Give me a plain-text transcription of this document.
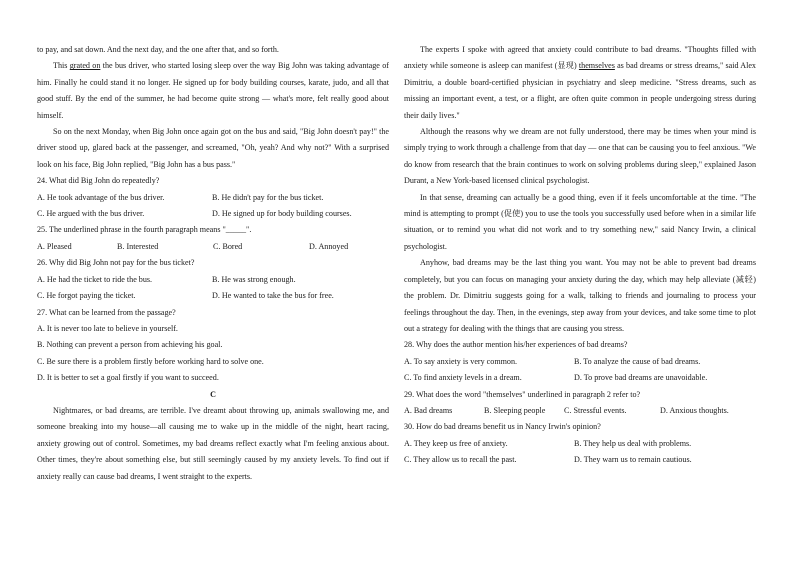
to pay, and sat down. And the next day, and the one after that, and so forth.

This grated on the bus driver, who started losing sleep over the way Big John was taking advantage of him. Finally he could stand it no longer. He signed up for body building courses, karate, judo, and all that good stuff. By the end of the summer, he had become quite strong — what's more, felt really good about himself.

So on the next Monday, when Big John once again got on the bus and said, "Big John doesn't pay!" the driver stood up, glared back at the passenger, and screamed, "Oh, yeah? And why not?" With a surprised look on his face, Big John replied, "Big John has a bus pass."

24. What did Big John do repeatedly?

A. He took advantage of the bus driver.	B. He didn't pay for the bus ticket.
C. He argued with the bus driver.	D. He signed up for body building courses.

25. The underlined phrase in the fourth paragraph means "_____".

A. Pleased	B. Interested	C. Bored	D. Annoyed

26. Why did Big John not pay for the bus ticket?

A. He had the ticket to ride the bus.	B. He was strong enough.
C. He forgot paying the ticket.	D. He wanted to take the bus for free.

27. What can be learned from the passage?

A. It is never too late to believe in yourself.

B. Nothing can prevent a person from achieving his goal.

C. Be sure there is a problem firstly before working hard to solve one.

D. It is better to set a goal firstly if you want to succeed.

C

Nightmares, or bad dreams, are terrible. I've dreamt about throwing up, animals swallowing me, and someone breaking into my house—all causing me to wake up in the middle of the night, heart racing, anxiety growing out of control. Sometimes, my bad dreams reflect exactly what I'm feeling anxious about. Other times, they're about something else, but still seemingly caused by my anxiety levels. To find out if anxiety really can cause bad dreams, I went straight to the experts.

The experts I spoke with agreed that anxiety could contribute to bad dreams. "Thoughts filled with anxiety while someone is asleep can manifest (显现) themselves as bad dreams or stress dreams," said Alex Dimitriu, a double board-certified physician in psychiatry and sleep medicine. "Stress dreams, such as missing an important event, a test, or a flight, are often quite common in people undergoing stress during their daily lives."

Although the reasons why we dream are not fully understood, there may be times when your mind is simply trying to work through a challenge from that day — one that can be causing you to feel anxious. "We do know from research that the brain continues to work on solving problems during sleep," explained Jason Durant, a New York-based licensed clinical psychologist.

In that sense, dreaming can actually be a good thing, even if it feels uncomfortable at the time. "The mind is attempting to prompt (促使) you to use the tools you successfully used before when in a similar life situation, or to remind you what did not work and to try something new," said Nancy Irwin, a clinical psychologist.

Anyhow, bad dreams may be the last thing you want. You may not be able to prevent bad dreams completely, but you can focus on managing your anxiety during the day, which may help alleviate (减轻) the problem. Dr. Dimitriu suggests going for a walk, talking to friends and journaling to process your feelings throughout the day. Then, in the evenings, step away from your devices, and take some time to plot out a strategy for dealing with the things that are causing you stress.

28. Why does the author mention his/her experiences of bad dreams?

A. To say anxiety is very common.	B. To analyze the cause of bad dreams.
C. To find anxiety levels in a dream.	D. To prove bad dreams are unavoidable.

29. What does the word "themselves" underlined in paragraph 2 refer to?

A. Bad dreams	B. Sleeping people	C. Stressful events.	D. Anxious thoughts.

30. How do bad dreams benefit us in Nancy Irwin's opinion?

A. They keep us free of anxiety.	B. They help us deal with problems.
C. They allow us to recall the past.	D. They warn us to remain cautious.
